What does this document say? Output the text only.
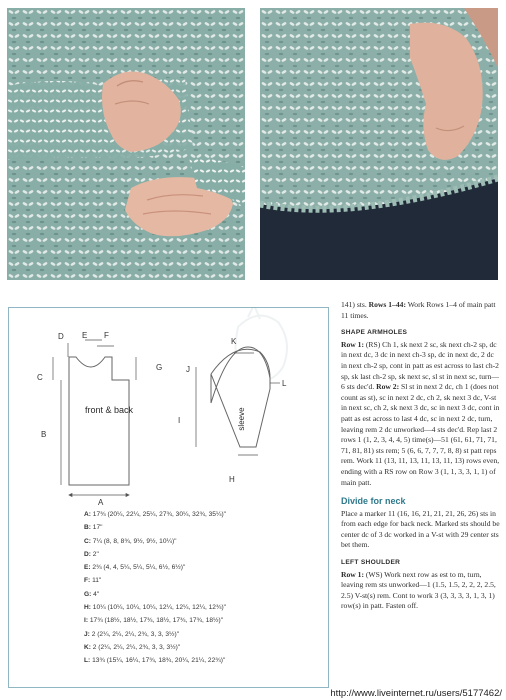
A
B
C
D E F
G
H
I
J
K
L
front & back	sleeve
A: 17¾ (20¼, 22¼, 25¼, 27¾, 30¼, 32¾, 35¼)"
B: 17"
C: 7¼ (8, 8, 8¾, 9½, 9½, 10¼)"
D: 2"
E: 2¾ (4, 4, 5¼, 5¼, 5¼, 6½, 6½)"
F: 11"
G: 4"
H: 10¼ (10¼, 10¼, 10¼, 12¼, 12¼, 12¼, 12¾)"
I: 17¾ (18½, 18½, 17¾, 18½, 17¾, 17¾, 18½)"
J: 2 (2¼, 2¼, 2¼, 2¾, 3, 3, 3½)"
K: 2 (2¼, 2¼, 2¼, 2¾, 3, 3, 3½)"
L: 13¾ (15¼, 16¼, 17¾, 18¾, 20¼, 21¼, 22¾)"

141) sts. Rows 1–44: Work Rows 1–4 of main patt 11 times.

SHAPE ARMHOLES

Row 1: (RS) Ch 1, sk next 2 sc, sk next ch-2 sp, dc in next dc, 3 dc in next ch-3 sp, dc in next dc, 2 dc in next ch-2 sp, cont in patt as est across to last ch-2 sp, sk last ch-2 sp, sk next sc, sl st in next sc, turn—6 sts dec'd. Row 2: Sl st in next 2 dc, ch 1 (does not count as st), sc in next 2 dc, ch 2, sk next 3 dc, V-st in next sc, ch 2, sk next 3 dc, sc in next 3 dc, cont in patt as est across to last 4 dc, sc in next 2 dc, turn, leaving rem 2 dc unworked—4 sts dec'd. Rep last 2 rows 1 (1, 2, 3, 4, 4, 5) time(s)—51 (61, 61, 71, 71, 71, 81, 81) sts rem; 5 (6, 6, 7, 7, 7, 8, 8) st patt reps rem. Work 11 (13, 11, 13, 11, 13, 11, 13) rows even, ending with a RS row on Row 3 (1, 1, 3, 3, 1, 1) of main patt.

Divide for neck

Place a marker 11 (16, 16, 21, 21, 21, 26, 26) sts in from each edge for back neck. Marked sts should be center dc of 3 dc worked in a V-st with 29 center sts bet them.

LEFT SHOULDER

Row 1: (WS) Work next row as est to m, turn, leaving rem sts unworked—1 (1.5, 1.5, 2, 2, 2, 2.5, 2.5) V-st(s) rem. Cont to work 3 (3, 3, 3, 3, 1, 3, 1) row(s) in patt. Fasten off.

http://www.liveinternet.ru/users/5177462/
